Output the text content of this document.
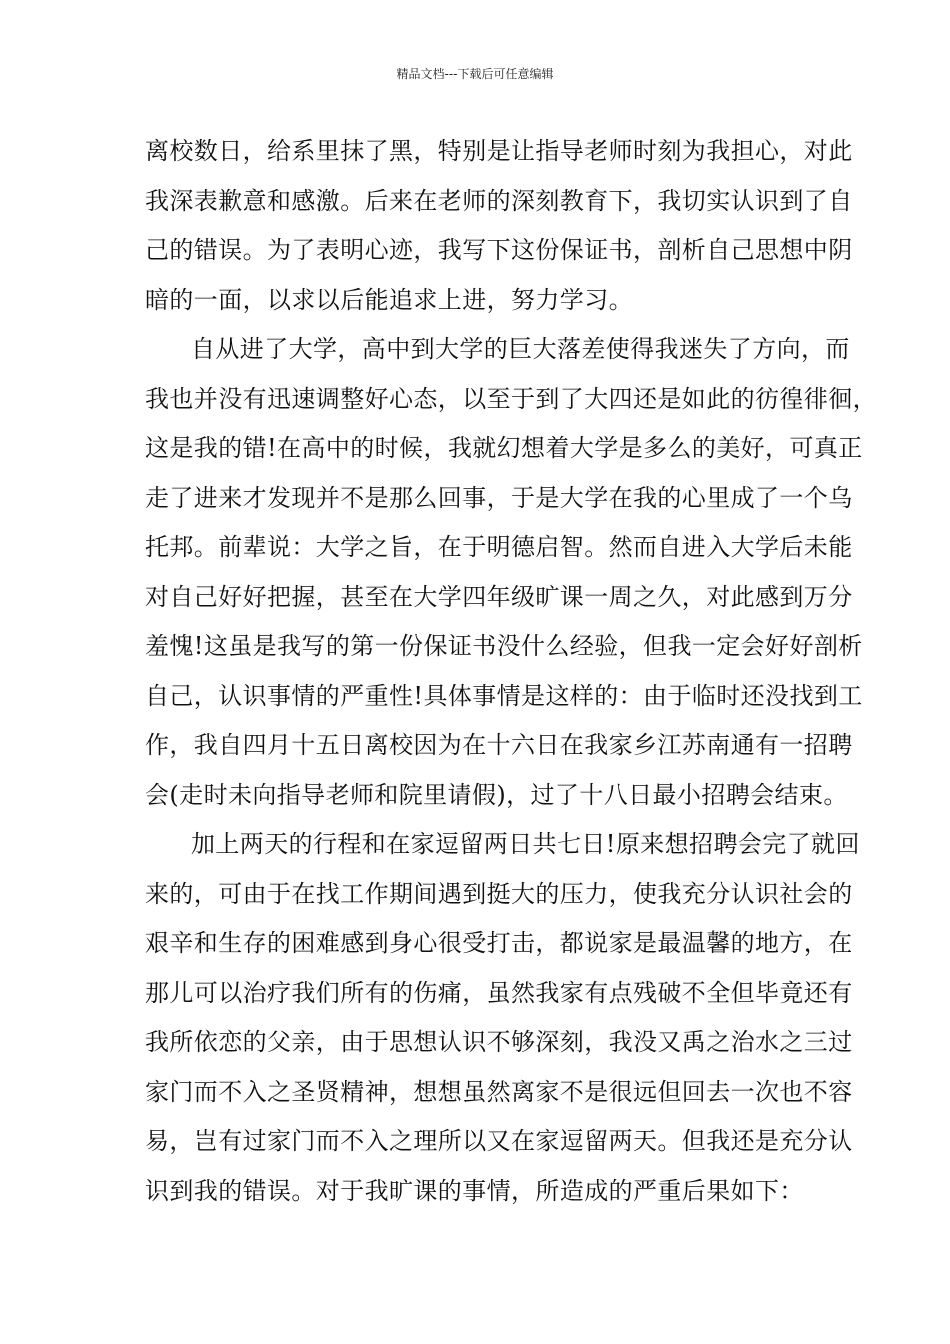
精品文档---下载后可任意编辑
离校数日，给系里抹了黑，特别是让指导老师时刻为我担心，对此
我深表歉意和感激。后来在老师的深刻教育下，我切实认识到了自
己的错误。为了表明心迹，我写下这份保证书，剖析自己思想中阴
暗的一面，以求以后能追求上进，努力学习。
自从进了大学，高中到大学的巨大落差使得我迷失了方向，而
我也并没有迅速调整好心态，以至于到了大四还是如此的彷徨徘徊，
这是我的错!在高中的时候，我就幻想着大学是多么的美好，可真正
走了进来才发现并不是那么回事，于是大学在我的心里成了一个乌
托邦。前辈说：大学之旨，在于明德启智。然而自进入大学后未能
对自己好好把握，甚至在大学四年级旷课一周之久，对此感到万分
羞愧!这虽是我写的第一份保证书没什么经验，但我一定会好好剖析
自己，认识事情的严重性!具体事情是这样的：由于临时还没找到工
作，我自四月十五日离校因为在十六日在我家乡江苏南通有一招聘
会(走时未向指导老师和院里请假)，过了十八日最小招聘会结束。
加上两天的行程和在家逗留两日共七日!原来想招聘会完了就回
来的，可由于在找工作期间遇到挺大的压力，使我充分认识社会的
艰辛和生存的困难感到身心很受打击，都说家是最温馨的地方，在
那儿可以治疗我们所有的伤痛，虽然我家有点残破不全但毕竟还有
我所依恋的父亲，由于思想认识不够深刻，我没又禹之治水之三过
家门而不入之圣贤精神，想想虽然离家不是很远但回去一次也不容
易，岂有过家门而不入之理所以又在家逗留两天。但我还是充分认
识到我的错误。对于我旷课的事情，所造成的严重后果如下：
